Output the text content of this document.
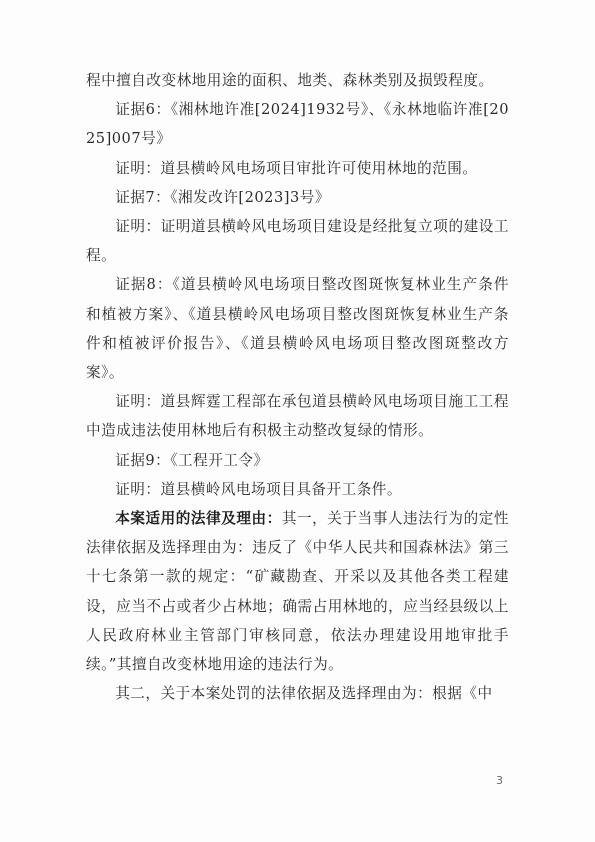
程中擅自改变林地用途的面积、地类、森林类别及损毁程度。

证据6：《湘林地许准[2024]1932号》、《永林地临许准[2025]007号》

证明：道县横岭风电场项目审批许可使用林地的范围。

证据7：《湘发改许[2023]3号》

证明：证明道县横岭风电场项目建设是经批复立项的建设工程。

证据8：《道县横岭风电场项目整改图斑恢复林业生产条件和植被方案》、《道县横岭风电场项目整改图斑恢复林业生产条件和植被评价报告》、《道县横岭风电场项目整改图斑整改方案》。

证明：道县辉霆工程部在承包道县横岭风电场项目施工工程中造成违法使用林地后有积极主动整改复绿的情形。

证据9：《工程开工令》

证明：道县横岭风电场项目具备开工条件。

本案适用的法律及理由：其一，关于当事人违法行为的定性法律依据及选择理由为：违反了《中华人民共和国森林法》第三十七条第一款的规定：“矿藏勘查、开采以及其他各类工程建设，应当不占或者少占林地；确需占用林地的，应当经县级以上人民政府林业主管部门审核同意，依法办理建设用地审批手续。”其擅自改变林地用途的违法行为。

其二，关于本案处罚的法律依据及选择理由为：根据《中

3
